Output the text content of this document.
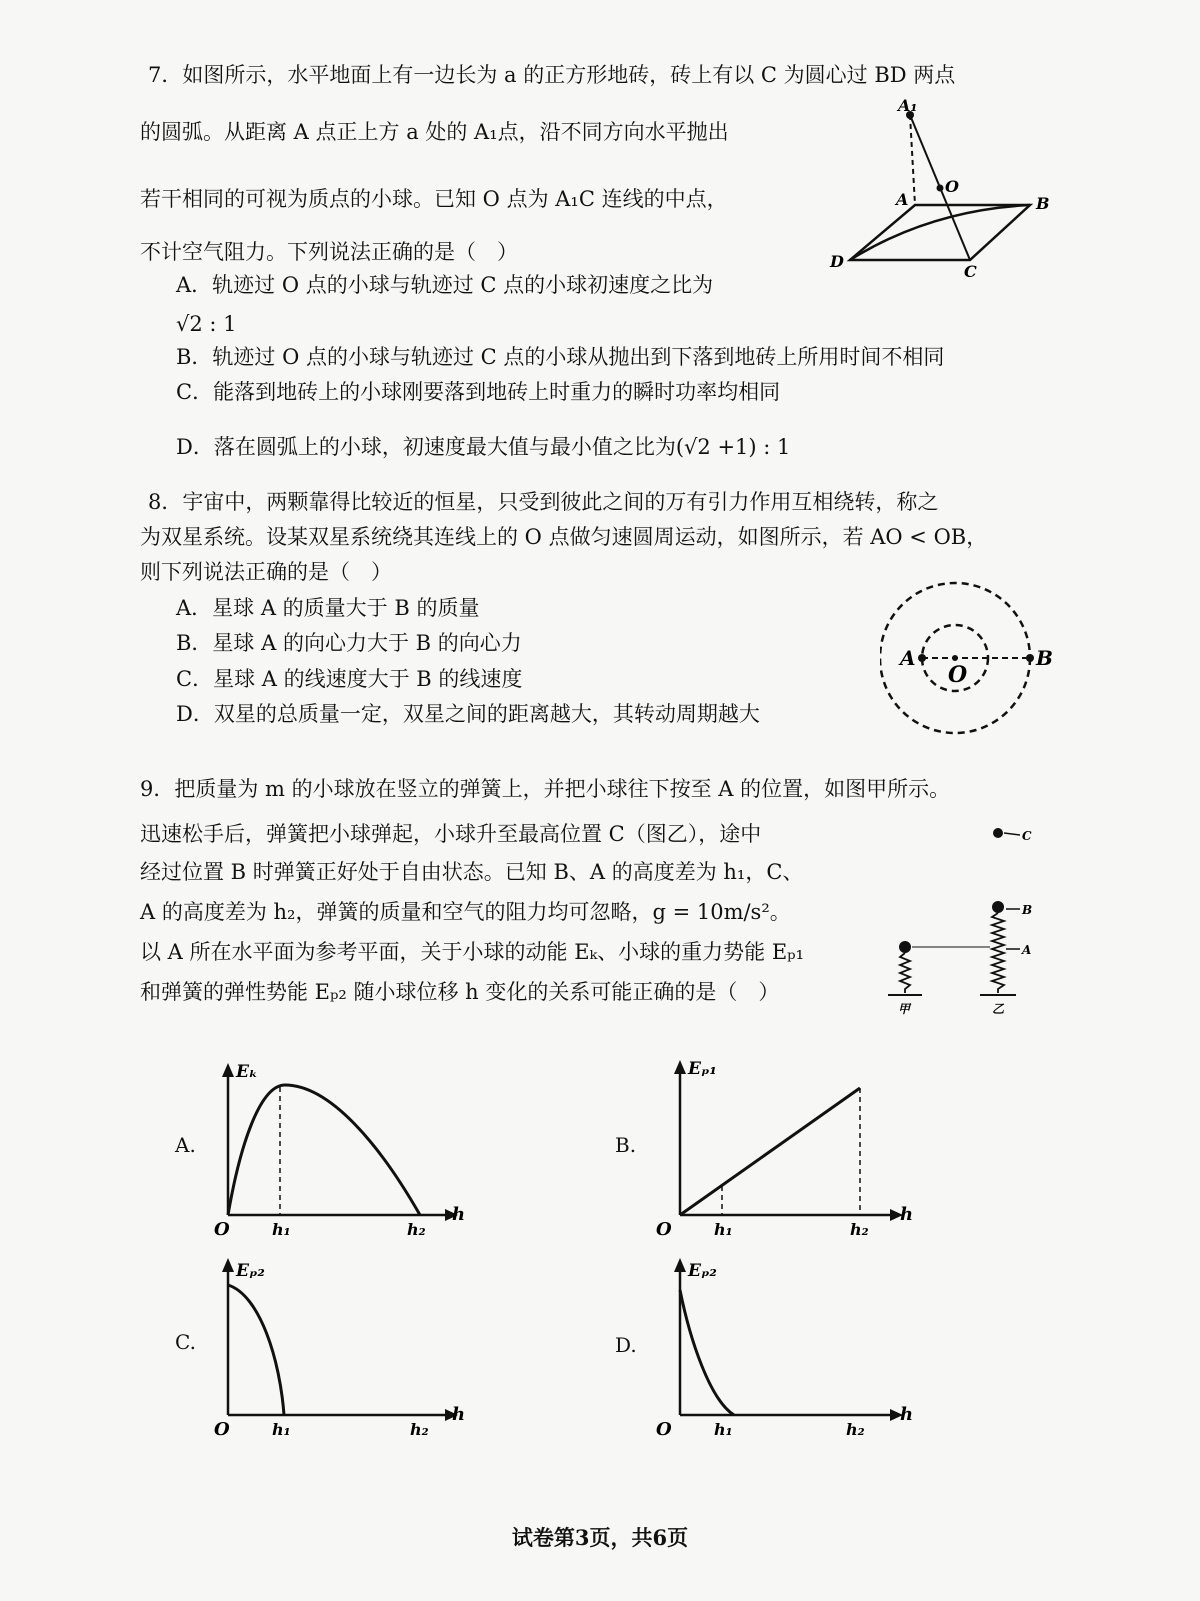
7．如图所示，水平地面上有一边长为 a 的正方形地砖，砖上有以 C 为圆心过 BD 两点
的圆弧。从距离 A 点正上方 a 处的 A₁点，沿不同方向水平抛出
若干相同的可视为质点的小球。已知 O 点为 A₁C 连线的中点，
不计空气阻力。下列说法正确的是（　）
A．轨迹过 O 点的小球与轨迹过 C 点的小球初速度之比为
√2 : 1
B．轨迹过 O 点的小球与轨迹过 C 点的小球从抛出到下落到地砖上所用时间不相同
C．能落到地砖上的小球刚要落到地砖上时重力的瞬时功率均相同
D．落在圆弧上的小球，初速度最大值与最小值之比为(√2 +1) : 1
A₁
A
O
B
C
D
8．宇宙中，两颗靠得比较近的恒星，只受到彼此之间的万有引力作用互相绕转，称之
为双星系统。设某双星系统绕其连线上的 O 点做匀速圆周运动，如图所示，若 AO < OB，
则下列说法正确的是（　）
A．星球 A 的质量大于 B 的质量
B．星球 A 的向心力大于 B 的向心力
C．星球 A 的线速度大于 B 的线速度
D．双星的总质量一定，双星之间的距离越大，其转动周期越大
A
O
B
9．把质量为 m 的小球放在竖立的弹簧上，并把小球往下按至 A 的位置，如图甲所示。
迅速松手后，弹簧把小球弹起，小球升至最高位置 C（图乙），途中
经过位置 B 时弹簧正好处于自由状态。已知 B、A 的高度差为 h₁，C、
A 的高度差为 h₂，弹簧的质量和空气的阻力均可忽略，g = 10m/s²。
以 A 所在水平面为参考平面，关于小球的动能 Eₖ、小球的重力势能 Eₚ₁
和弹簧的弹性势能 Eₚ₂ 随小球位移 h 变化的关系可能正确的是（　）
C
甲
B
A
乙
A.
Eₖ
O	h₁	h₂
h
B.
Eₚ₁
O	h₁	h₂
h
C.
Eₚ₂
O	h₁	h₂
h
D.
Eₚ₂
O	h₁	h₂
h
试卷第3页，共6页
